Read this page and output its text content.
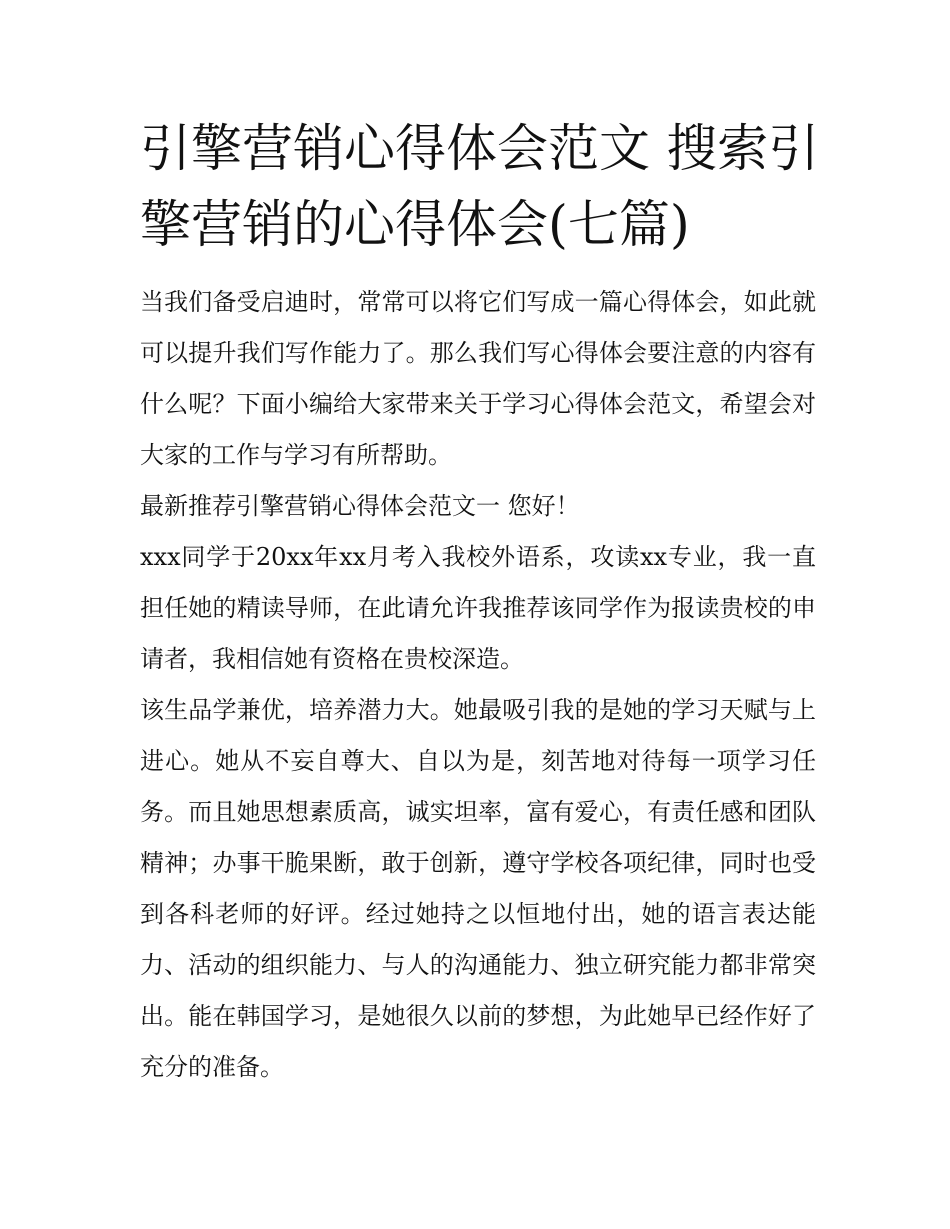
引擎营销心得体会范文 搜索引擎营销的心得体会(七篇)

当我们备受启迪时，常常可以将它们写成一篇心得体会，如此就可以提升我们写作能力了。那么我们写心得体会要注意的内容有什么呢？下面小编给大家带来关于学习心得体会范文，希望会对大家的工作与学习有所帮助。

最新推荐引擎营销心得体会范文一 您好！

xxx同学于20xx年xx月考入我校外语系，攻读xx专业，我一直担任她的精读导师，在此请允许我推荐该同学作为报读贵校的申请者，我相信她有资格在贵校深造。

该生品学兼优，培养潜力大。她最吸引我的是她的学习天赋与上进心。她从不妄自尊大、自以为是，刻苦地对待每一项学习任务。而且她思想素质高，诚实坦率，富有爱心，有责任感和团队精神；办事干脆果断，敢于创新，遵守学校各项纪律，同时也受到各科老师的好评。经过她持之以恒地付出，她的语言表达能力、活动的组织能力、与人的沟通能力、独立研究能力都非常突出。能在韩国学习，是她很久以前的梦想，为此她早已经作好了充分的准备。
